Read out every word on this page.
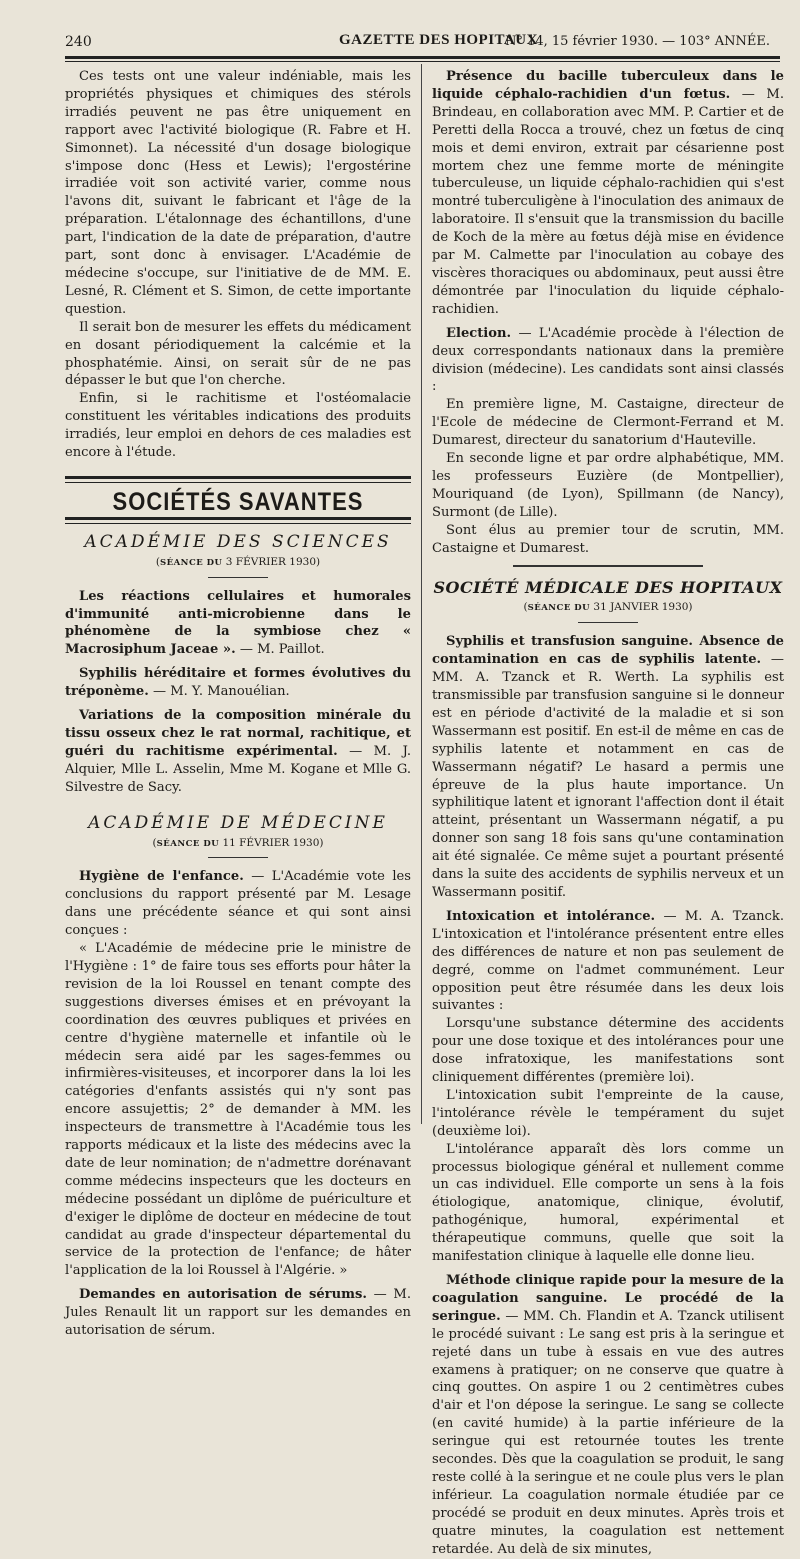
240	GAZETTE DES HOPITAUX
N° 14, 15 février 1930. — 103° ANNÉE.

Ces tests ont une valeur indéniable, mais les propriétés physiques et chimiques des stérols irradiés peuvent ne pas être uniquement en rapport avec l'activité biologique (R. Fabre et H. Simonnet). La nécessité d'un dosage biologique s'impose donc (Hess et Lewis); l'ergostérine irradiée voit son activité varier, comme nous l'avons dit, suivant le fabricant et l'âge de la préparation. L'étalonnage des échantillons, d'une part, l'indication de la date de préparation, d'autre part, sont donc à envisager. L'Académie de médecine s'occupe, sur l'initiative de de MM. E. Lesné, R. Clément et S. Simon, de cette importante question.

Il serait bon de mesurer les effets du médicament en dosant périodiquement la calcémie et la phosphatémie. Ainsi, on serait sûr de ne pas dépasser le but que l'on cherche.

Enfin, si le rachitisme et l'ostéomalacie constituent les véritables indications des produits irradiés, leur emploi en dehors de ces maladies est encore à l'étude.

SOCIÉTÉS SAVANTES
ACADÉMIE DES SCIENCES
(SÉANCE DU 3 FÉVRIER 1930)

Les réactions cellulaires et humorales d'immunité anti-microbienne dans le phénomène de la symbiose chez « Macrosiphum Jaceae ». — M. Paillot.

Syphilis héréditaire et formes évolutives du tréponème. — M. Y. Manouélian.

Variations de la composition minérale du tissu osseux chez le rat normal, rachitique, et guéri du rachitisme expérimental. — M. J. Alquier, Mlle L. Asselin, Mme M. Kogane et Mlle G. Silvestre de Sacy.

ACADÉMIE DE MÉDECINE
(SÉANCE DU 11 FÉVRIER 1930)

Hygiène de l'enfance. — L'Académie vote les conclusions du rapport présenté par M. Lesage dans une précédente séance et qui sont ainsi conçues :

« L'Académie de médecine prie le ministre de l'Hygiène : 1° de faire tous ses efforts pour hâter la revision de la loi Roussel en tenant compte des suggestions diverses émises et en prévoyant la coordination des œuvres publiques et privées en centre d'hygiène maternelle et infantile où le médecin sera aidé par les sages-femmes ou infirmières-visiteuses, et incorporer dans la loi les catégories d'enfants assistés qui n'y sont pas encore assujettis; 2° de demander à MM. les inspecteurs de transmettre à l'Académie tous les rapports médicaux et la liste des médecins avec la date de leur nomination; de n'admettre dorénavant comme médecins inspecteurs que les docteurs en médecine possédant un diplôme de puériculture et d'exiger le diplôme de docteur en médecine de tout candidat au grade d'inspecteur départemental du service de la protection de l'enfance; de hâter l'application de la loi Roussel à l'Algérie. »

Demandes en autorisation de sérums. — M. Jules Renault lit un rapport sur les demandes en autorisation de sérum.

Présence du bacille tuberculeux dans le liquide céphalo-rachidien d'un fœtus. — M. Brindeau, en collaboration avec MM. P. Cartier et de Peretti della Rocca a trouvé, chez un fœtus de cinq mois et demi environ, extrait par césarienne post mortem chez une femme morte de méningite tuberculeuse, un liquide céphalo-rachidien qui s'est montré tuberculigène à l'inoculation des animaux de laboratoire. Il s'ensuit que la transmission du bacille de Koch de la mère au fœtus déjà mise en évidence par M. Calmette par l'inoculation au cobaye des viscères thoraciques ou abdominaux, peut aussi être démontrée par l'inoculation du liquide céphalo-rachidien.

Election. — L'Académie procède à l'élection de deux correspondants nationaux dans la première division (médecine). Les candidats sont ainsi classés :

En première ligne, M. Castaigne, directeur de l'Ecole de médecine de Clermont-Ferrand et M. Dumarest, directeur du sanatorium d'Hauteville.

En seconde ligne et par ordre alphabétique, MM. les professeurs Euzière (de Montpellier), Mouriquand (de Lyon), Spillmann (de Nancy), Surmont (de Lille).

Sont élus au premier tour de scrutin, MM. Castaigne et Dumarest.

SOCIÉTÉ MÉDICALE DES HOPITAUX
(SÉANCE DU 31 JANVIER 1930)

Syphilis et transfusion sanguine. Absence de contamination en cas de syphilis latente. — MM. A. Tzanck et R. Werth. La syphilis est transmissible par transfusion sanguine si le donneur est en période d'activité de la maladie et si son Wassermann est positif. En est-il de même en cas de syphilis latente et notamment en cas de Wassermann négatif? Le hasard a permis une épreuve de la plus haute importance. Un syphilitique latent et ignorant l'affection dont il était atteint, présentant un Wassermann négatif, a pu donner son sang 18 fois sans qu'une contamination ait été signalée. Ce même sujet a pourtant présenté dans la suite des accidents de syphilis nerveux et un Wassermann positif.

Intoxication et intolérance. — M. A. Tzanck. L'intoxication et l'intolérance présentent entre elles des différences de nature et non pas seulement de degré, comme on l'admet communément. Leur opposition peut être résumée dans les deux lois suivantes :

Lorsqu'une substance détermine des accidents pour une dose toxique et des intolérances pour une dose infratoxique, les manifestations sont cliniquement différentes (première loi).

L'intoxication subit l'empreinte de la cause, l'intolérance révèle le tempérament du sujet (deuxième loi).

L'intolérance apparaît dès lors comme un processus biologique général et nullement comme un cas individuel. Elle comporte un sens à la fois étiologique, anatomique, clinique, évolutif, pathogénique, humoral, expérimental et thérapeutique communs, quelle que soit la manifestation clinique à laquelle elle donne lieu.

Méthode clinique rapide pour la mesure de la coagulation sanguine. Le procédé de la seringue. — MM. Ch. Flandin et A. Tzanck utilisent le procédé suivant : Le sang est pris à la seringue et rejeté dans un tube à essais en vue des autres examens à pratiquer; on ne conserve que quatre à cinq gouttes. On aspire 1 ou 2 centimètres cubes d'air et l'on dépose la seringue. Le sang se collecte (en cavité humide) à la partie inférieure de la seringue qui est retournée toutes les trente secondes. Dès que la coagulation se produit, le sang reste collé à la seringue et ne coule plus vers le plan inférieur. La coagulation normale étudiée par ce procédé se produit en deux minutes. Après trois et quatre minutes, la coagulation est nettement retardée. Au delà de six minutes,
